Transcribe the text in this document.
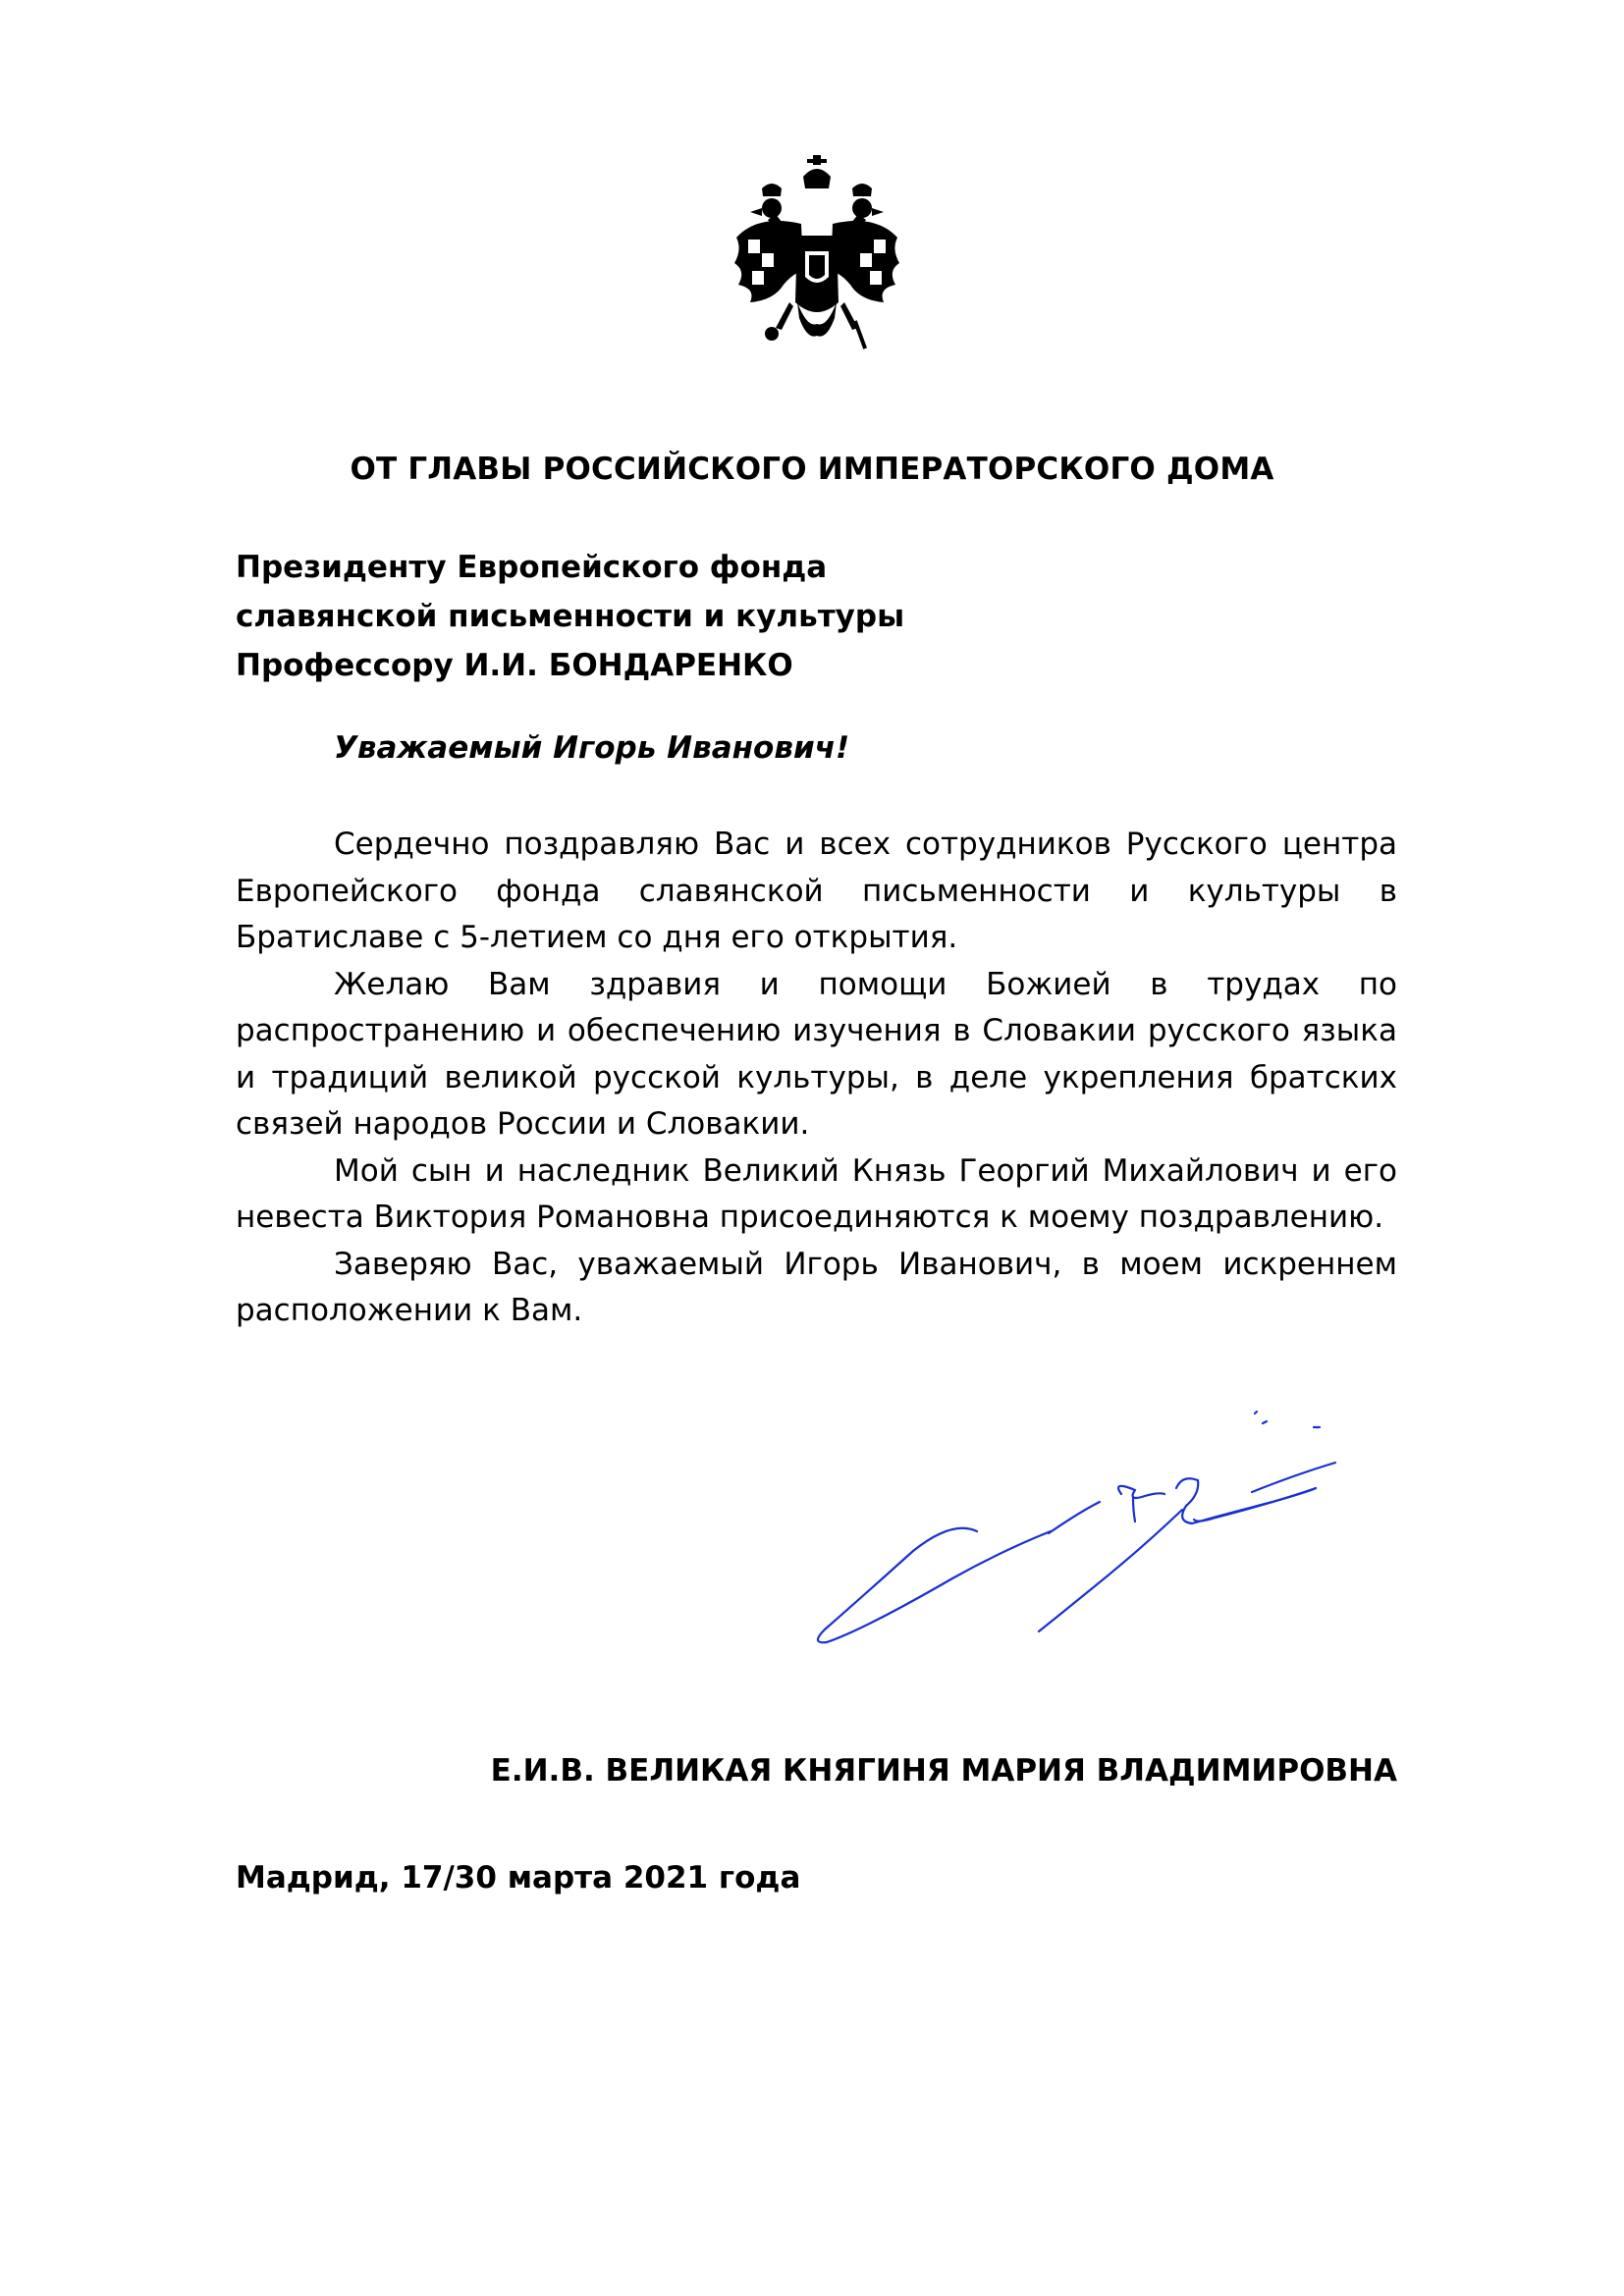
ОТ ГЛАВЫ РОССИЙСКОГО ИМПЕРАТОРСКОГО ДОМА
Президенту Европейского фонда
славянской письменности и культуры
Профессору И.И. БОНДАРЕНКО
Уважаемый Игорь Иванович!

Сердечно поздравляю Вас и всех сотрудников Русского центра Европейского фонда славянской письменности и культуры в Братиславе с 5-летием со дня его открытия.

Желаю Вам здравия и помощи Божией в трудах по распространению и обеспечению изучения в Словакии русского языка и традиций великой русской культуры, в деле укрепления братских связей народов России и Словакии.

Мой сын и наследник Великий Князь Георгий Михайлович и его невеста Виктория Романовна присоединяются к моему поздравлению.

Заверяю Вас, уважаемый Игорь Иванович, в моем искреннем расположении к Вам.

Е.И.В. ВЕЛИКАЯ КНЯГИНЯ МАРИЯ ВЛАДИМИРОВНА
Мадрид, 17/30 марта 2021 года
